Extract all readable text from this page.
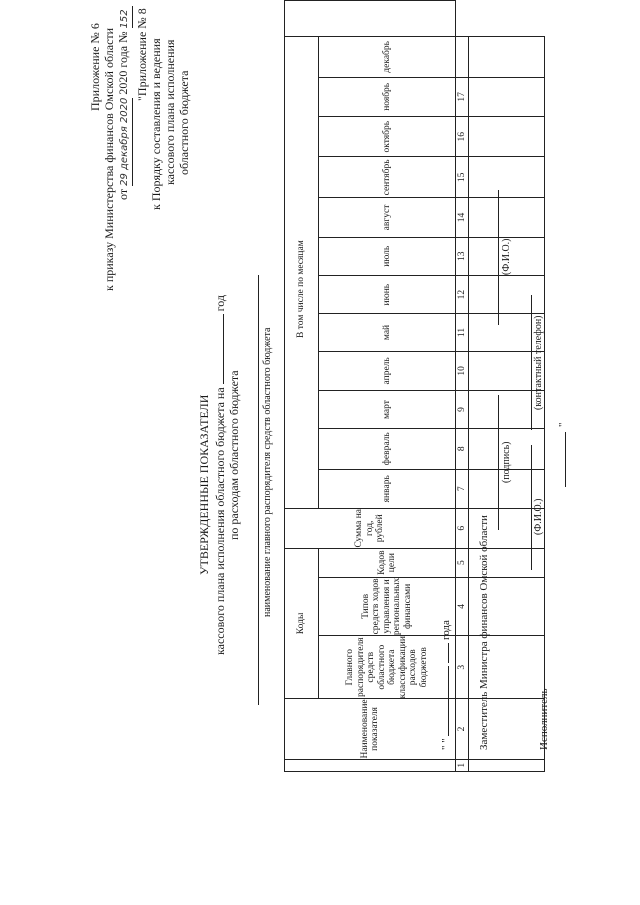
Приложение № 6 к приказу Министерства финансов Омской области от 29 декабря 2020 2020 года № 152 "Приложение № 8 к Порядку составления и ведения кассового плана исполнения областного бюджета
УТВЕРЖДЕННЫЕ ПОКАЗАТЕЛИ кассового плана исполнения областного бюджета на  год
по расходам областного бюджета наименование главного распорядителя средств областного бюджета
	Наименование показателя	Коды			Сумма на год, рублей	В том числе по месяцам												
		Главного распорядителя средств областного бюджета классификации расходов бюджетов	Типов средств ходов управления и региональных финансами	Кодов цели		январь	февраль	март	апрель	май	июнь	июль	август	сентябрь	октябрь	ноябрь	декабрь	
1	2	3	4	5	6	7	8	9	10	11	12	13	14	15	16	17		

" "   года Заместитель Министра финансов Омской области
(подпись)
(Ф.И.О.)
Исполнитель
(Ф.И.О.)
(контактный телефон)
"
